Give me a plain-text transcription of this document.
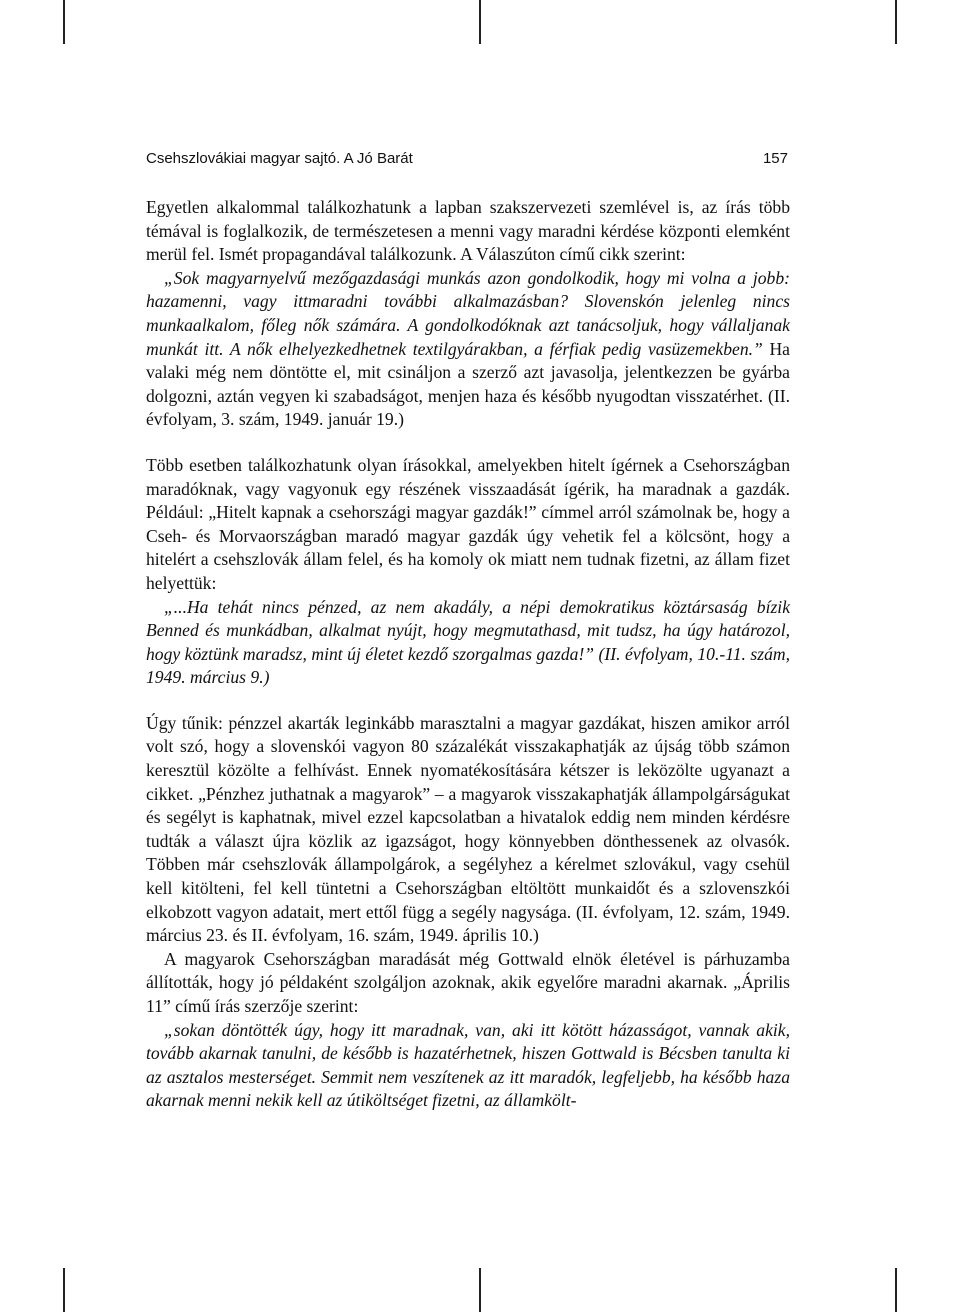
Csehszlovákiai magyar sajtó. A Jó Barát	157

Egyetlen alkalommal találkozhatunk a lapban szakszervezeti szemlével is, az írás több témával is foglalkozik, de természetesen a menni vagy maradni kérdése központi elemként merül fel. Ismét propagandával találkozunk. A Válaszúton című cikk szerint:

„Sok magyarnyelvű mezőgazdasági munkás azon gondolkodik, hogy mi volna a jobb: hazamenni, vagy ittmaradni további alkalmazásban? Slovenskón jelenleg nincs munkaalkalom, főleg nők számára. A gondolkodóknak azt tanácsoljuk, hogy vállaljanak munkát itt. A nők elhelyezkedhetnek textilgyárakban, a férfiak pedig vasüzemekben.” Ha valaki még nem döntötte el, mit csináljon a szerző azt javasolja, jelentkezzen be gyárba dolgozni, aztán vegyen ki szabadságot, menjen haza és később nyugodtan visszatérhet. (II. évfolyam, 3. szám, 1949. január 19.)

Több esetben találkozhatunk olyan írásokkal, amelyekben hitelt ígérnek a Csehországban maradóknak, vagy vagyonuk egy részének visszaadását ígérik, ha maradnak a gazdák. Például: „Hitelt kapnak a csehországi magyar gazdák!” címmel arról számolnak be, hogy a Cseh- és Morvaországban maradó magyar gazdák úgy vehetik fel a kölcsönt, hogy a hitelért a csehszlovák állam felel, és ha komoly ok miatt nem tudnak fizetni, az állam fizet helyettük:

„...Ha tehát nincs pénzed, az nem akadály, a népi demokratikus köztársaság bízik Benned és munkádban, alkalmat nyújt, hogy megmutathasd, mit tudsz, ha úgy határozol, hogy köztünk maradsz, mint új életet kezdő szorgalmas gazda!” (II. évfolyam, 10.-11. szám, 1949. március 9.)

Úgy tűnik: pénzzel akarták leginkább marasztalni a magyar gazdákat, hiszen amikor arról volt szó, hogy a slovenskói vagyon 80 százalékát visszakaphatják az újság több számon keresztül közölte a felhívást. Ennek nyomatékosítására kétszer is leközölte ugyanazt a cikket. „Pénzhez juthatnak a magyarok” – a magyarok visszakaphatják állampolgárságukat és segélyt is kaphatnak, mivel ezzel kapcsolatban a hivatalok eddig nem minden kérdésre tudták a választ újra közlik az igazságot, hogy könnyebben dönthessenek az olvasók. Többen már csehszlovák állampolgárok, a segélyhez a kérelmet szlovákul, vagy csehül kell kitölteni, fel kell tüntetni a Csehországban eltöltött munkaidőt és a szlovenszkói elkobzott vagyon adatait, mert ettől függ a segély nagysága. (II. évfolyam, 12. szám, 1949. március 23. és II. évfolyam, 16. szám, 1949. április 10.)

A magyarok Csehországban maradását még Gottwald elnök életével is párhuzamba állították, hogy jó példaként szolgáljon azoknak, akik egyelőre maradni akarnak. „Április 11” című írás szerzője szerint:

„sokan döntötték úgy, hogy itt maradnak, van, aki itt kötött házasságot, vannak akik, tovább akarnak tanulni, de később is hazatérhetnek, hiszen Gottwald is Bécsben tanulta ki az asztalos mesterséget. Semmit nem veszítenek az itt maradók, legfeljebb, ha később haza akarnak menni nekik kell az útiköltséget fizetni, az államkölt-
